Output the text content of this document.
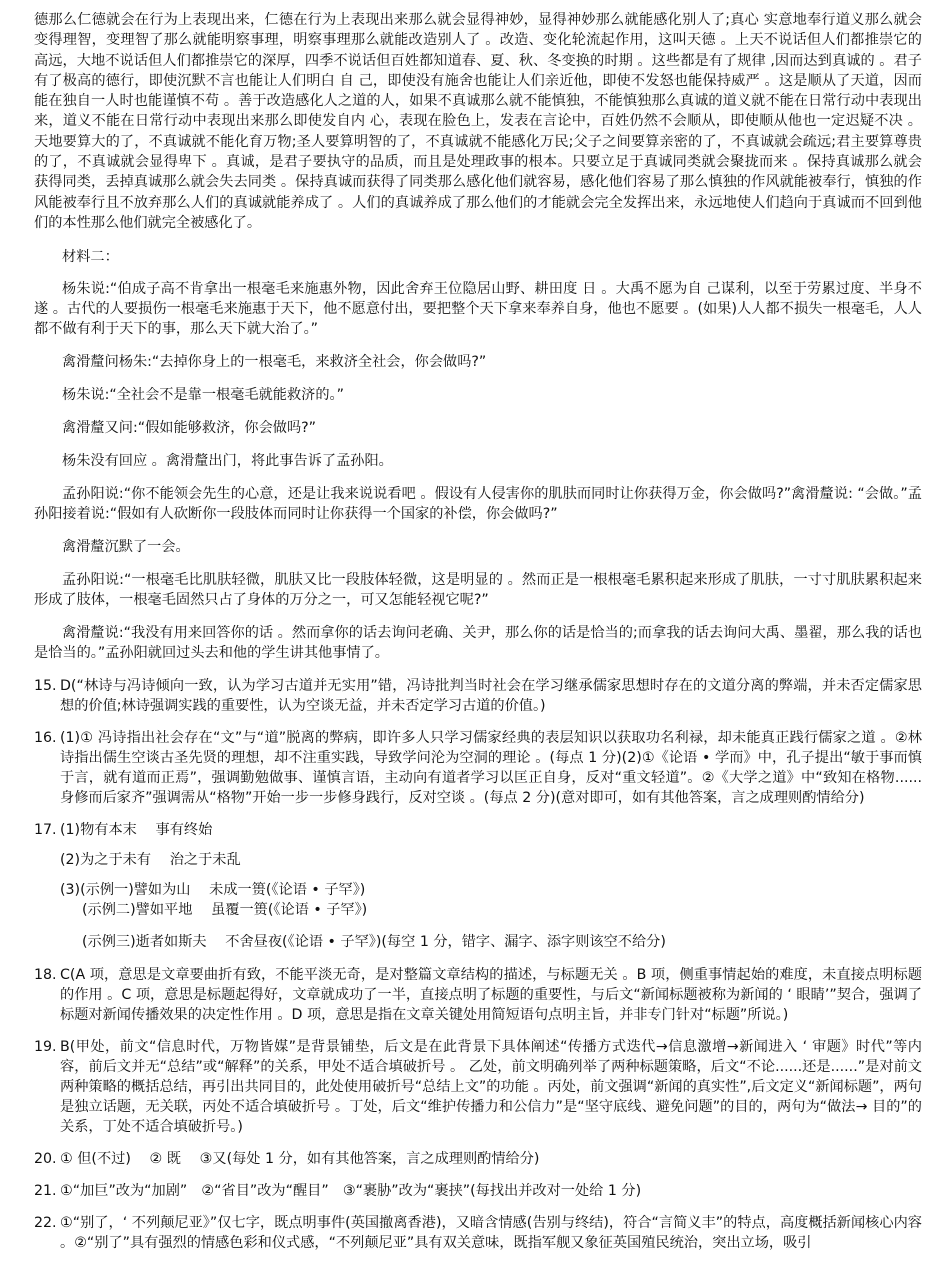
德那么仁德就会在行为上表现出来，仁德在行为上表现出来那么就会显得神妙，显得神妙那么就能感化别人了;真心 实意地奉行道义那么就会变得理智，变理智了那么就能明察事理，明察事理那么就能改造别人了 。改造、变化轮流起作用，这叫天德 。上天不说话但人们都推崇它的高远，大地不说话但人们都推崇它的深厚，四季不说话但百姓都知道春、夏、秋、冬变换的时期 。这些都是有了规律 ,因而达到真诚的 。君子有了极高的德行，即使沉默不言也能让人们明白 自 己，即使没有施舍也能让人们亲近他，即使不发怒也能保持威严 。这是顺从了天道，因而能在独自一人时也能谨慎不苟 。善于改造感化人之道的人，如果不真诚那么就不能慎独，不能慎独那么真诚的道义就不能在日常行动中表现出来，道义不能在日常行动中表现出来那么即使发自内 心，表现在脸色上，发表在言论中，百姓仍然不会顺从，即使顺从他也一定迟疑不决 。天地要算大的了，不真诚就不能化育万物;圣人要算明智的了，不真诚就不能感化万民;父子之间要算亲密的了，不真诚就会疏远;君主要算尊贵的了，不真诚就会显得卑下 。真诚，是君子要执守的品质，而且是处理政事的根本。只要立足于真诚同类就会聚拢而来 。保持真诚那么就会获得同类，丢掉真诚那么就会失去同类 。保持真诚而获得了同类那么感化他们就容易，感化他们容易了那么慎独的作风就能被奉行，慎独的作风能被奉行且不放弃那么人们的真诚就能养成了 。人们的真诚养成了那么他们的才能就会完全发挥出来，永远地使人们趋向于真诚而不回到他们的本性那么他们就完全被感化了。

材料二：

杨朱说:“伯成子高不肯拿出一根毫毛来施惠外物，因此舍弃王位隐居山野、耕田度 日 。大禹不愿为自 己谋利，以至于劳累过度、半身不遂 。古代的人要损伤一根毫毛来施惠于天下，他不愿意付出，要把整个天下拿来奉养自身，他也不愿要 。(如果)人人都不损失一根毫毛，人人都不做有利于天下的事，那么天下就大治了。”

禽滑釐问杨朱:“去掉你身上的一根毫毛，来救济全社会，你会做吗?”

杨朱说:“全社会不是靠一根毫毛就能救济的。”

禽滑釐又问:“假如能够救济，你会做吗?”

杨朱没有回应 。禽滑釐出门，将此事告诉了孟孙阳。

孟孙阳说:“你不能领会先生的心意，还是让我来说说看吧 。假设有人侵害你的肌肤而同时让你获得万金，你会做吗?”禽滑釐说: “会做。”孟孙阳接着说:“假如有人砍断你一段肢体而同时让你获得一个国家的补偿，你会做吗?”

禽滑釐沉默了一会。

孟孙阳说:“一根毫毛比肌肤轻微，肌肤又比一段肢体轻微，这是明显的 。然而正是一根根毫毛累积起来形成了肌肤，一寸寸肌肤累积起来形成了肢体，一根毫毛固然只占了身体的万分之一，可又怎能轻视它呢?”

禽滑釐说:“我没有用来回答你的话 。然而拿你的话去询问老确、关尹，那么你的话是恰当的;而拿我的话去询问大禹、墨翟，那么我的话也是恰当的。”孟孙阳就回过头去和他的学生讲其他事情了。

15. D(“林诗与冯诗倾向一致，认为学习古道并无实用”错，冯诗批判当时社会在学习继承儒家思想时存在的文道分离的弊端，并未否定儒家思想的价值;林诗强调实践的重要性，认为空谈无益，并未否定学习古道的价值。)
16. (1)① 冯诗指出社会存在“文”与“道”脱离的弊病，即许多人只学习儒家经典的表层知识以获取功名利禄，却未能真正践行儒家之道 。②林诗指出儒生空谈古圣先贤的理想，却不注重实践，导致学问沦为空洞的理论 。(每点 1 分)(2)①《论语 • 学而》中，孔子提出“敏于事而慎于言，就有道而正焉”，强调勤勉做事、谨慎言语，主动向有道者学习以匡正自身，反对“重文轻道”。②《大学之道》中“致知在格物......身修而后家齐”强调需从“格物”开始一步一步修身践行，反对空谈 。(每点 2 分)(意对即可，如有其他答案，言之成理则酌情给分)
17. (1)物有本末　 事有终始

(2)为之于未有　 治之于未乱

(3)(示例一)譬如为山　 未成一篑(《论语 • 子罕》)
(示例二)譬如平地　 虽覆一篑(《论语 • 子罕》)

(示例三)逝者如斯夫　 不舍昼夜(《论语 • 子罕》)(每空 1 分，错字、漏字、添字则该空不给分)

18. C(A 项，意思是文章要曲折有致，不能平淡无奇，是对整篇文章结构的描述，与标题无关 。B 项，侧重事情起始的难度，未直接点明标题的作用 。C 项，意思是标题起得好，文章就成功了一半，直接点明了标题的重要性，与后文“新闻标题被称为新闻的 ‘ 眼睛’”契合，强调了标题对新闻传播效果的决定性作用 。D 项，意思是指在文章关键处用简短语句点明主旨，并非专门针对“标题”所说。)
19. B(甲处，前文“信息时代，万物皆媒”是背景铺垫，后文是在此背景下具体阐述“传播方式迭代→信息激增→新闻进入 ‘ 审题》时代”等内容，前后文并无“总结”或“解释”的关系，甲处不适合填破折号 。 乙处，前文明确列举了两种标题策略，后文“不论......还是......”是对前文两种策略的概括总结，再引出共同目的，此处使用破折号“总结上文”的功能 。丙处，前文强调“新闻的真实性”,后文定义“新闻标题”，两句是独立话题，无关联，丙处不适合填破折号 。丁处，后文“维护传播力和公信力”是“坚守底线、避免问题”的目的，两句为“做法→ 目的”的关系，丁处不适合填破折号。)
20. ① 但(不过)　 ② 既　 ③又(每处 1 分，如有其他答案，言之成理则酌情给分)
21. ①“加巨”改为“加剧”　②“省目”改为“醒目”　③“裹胁”改为“裹挟”(每找出并改对一处给 1 分)
22. ①“别了，‘ 不列颠尼亚》”仅七字，既点明事件(英国撤离香港)，又暗含情感(告别与终结)，符合“言简义丰”的特点，高度概括新闻核心内容 。②“别了”具有强烈的情感色彩和仪式感，“不列颠尼亚”具有双关意味，既指军舰又象征英国殖民统治，突出立场，吸引
